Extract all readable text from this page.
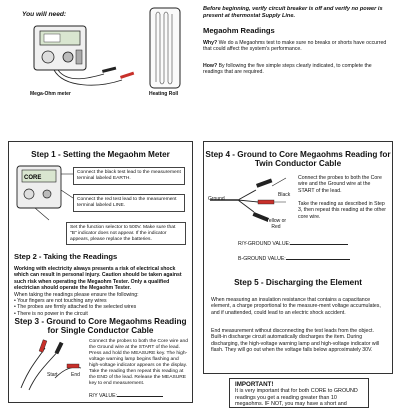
You will need:
Mega-Ohm meter	Heating Roll
Before beginning, verify circuit breaker is off and verify no power is present at thermostat Supply Line.
Megaohm Readings
Why? We do a Megaohms test to make sure no breaks or shorts have occurred that could affect the system's performance.
How? By following the five simple steps clearly indicated, to complete the readings that are required.
Step 1 - Setting the Megaohm Meter
CORE
Connect the black test lead to the measurement terminal labeled EARTH.
Connect the red test lead to the measurement terminal labeled LINE.
Set the function selector to 500V. Make sure that "B" indicator does not appear. If the indicator appears, please replace the batteries.
Step 2 - Taking the Readings
Working with electricity always presents a risk of electrical shock which can result in personal injury. Caution should be taken against such risk when operating the Megaohm Tester. Only a qualified electrician should operate the Megaohm Tester.
When taking the readings please ensure the following:
• Your fingers are not touching any wires
• The probes are firmly attached to the selected wires
• There is no power in the circuit
Step 3 - Ground to Core Megaohms Reading for Single Conductor Cable
Start	End
Connect the probes to both the Core wire and the Ground wire at the START of the lead. Press and hold the MEASURE key. The high-voltage warning lamp begins flashing and high-voltage indicator appears on the display. Take the reading then repeat this reading at the END of the lead. Release the MEASURE key to end measurement.
R/Y VALUE:
Step 4 - Ground to Core Megaohms Reading for Twin Conductor Cable
Ground
Black
Yellow or Red
Connect the probes to both the Core wire and the Ground wire at the START of the lead.
Take the reading as described in Step 3, then repeat this reading at the other core wire.
R/Y-GROUND VALUE:
B-GROUND VALUE:
Step 5 - Discharging the Element
When measuring an insulation resistance that contains a capacitance element, a charge proportional to the measure-ment voltage accumulates, and if unattended, could lead to an electric shock accident.
End measurement without disconnecting the test leads from the object. Built-in discharge circuit automatically discharges the item. During discharging, the high-voltage warning lamp and high-voltage indicator will flash. They will go out when the voltage falls below approximately 30V.
IMPORTANT!
It is very important that for both CORE to GROUND readings you get a reading greater than 10 megaohms. IF NOT, you may have a short and
